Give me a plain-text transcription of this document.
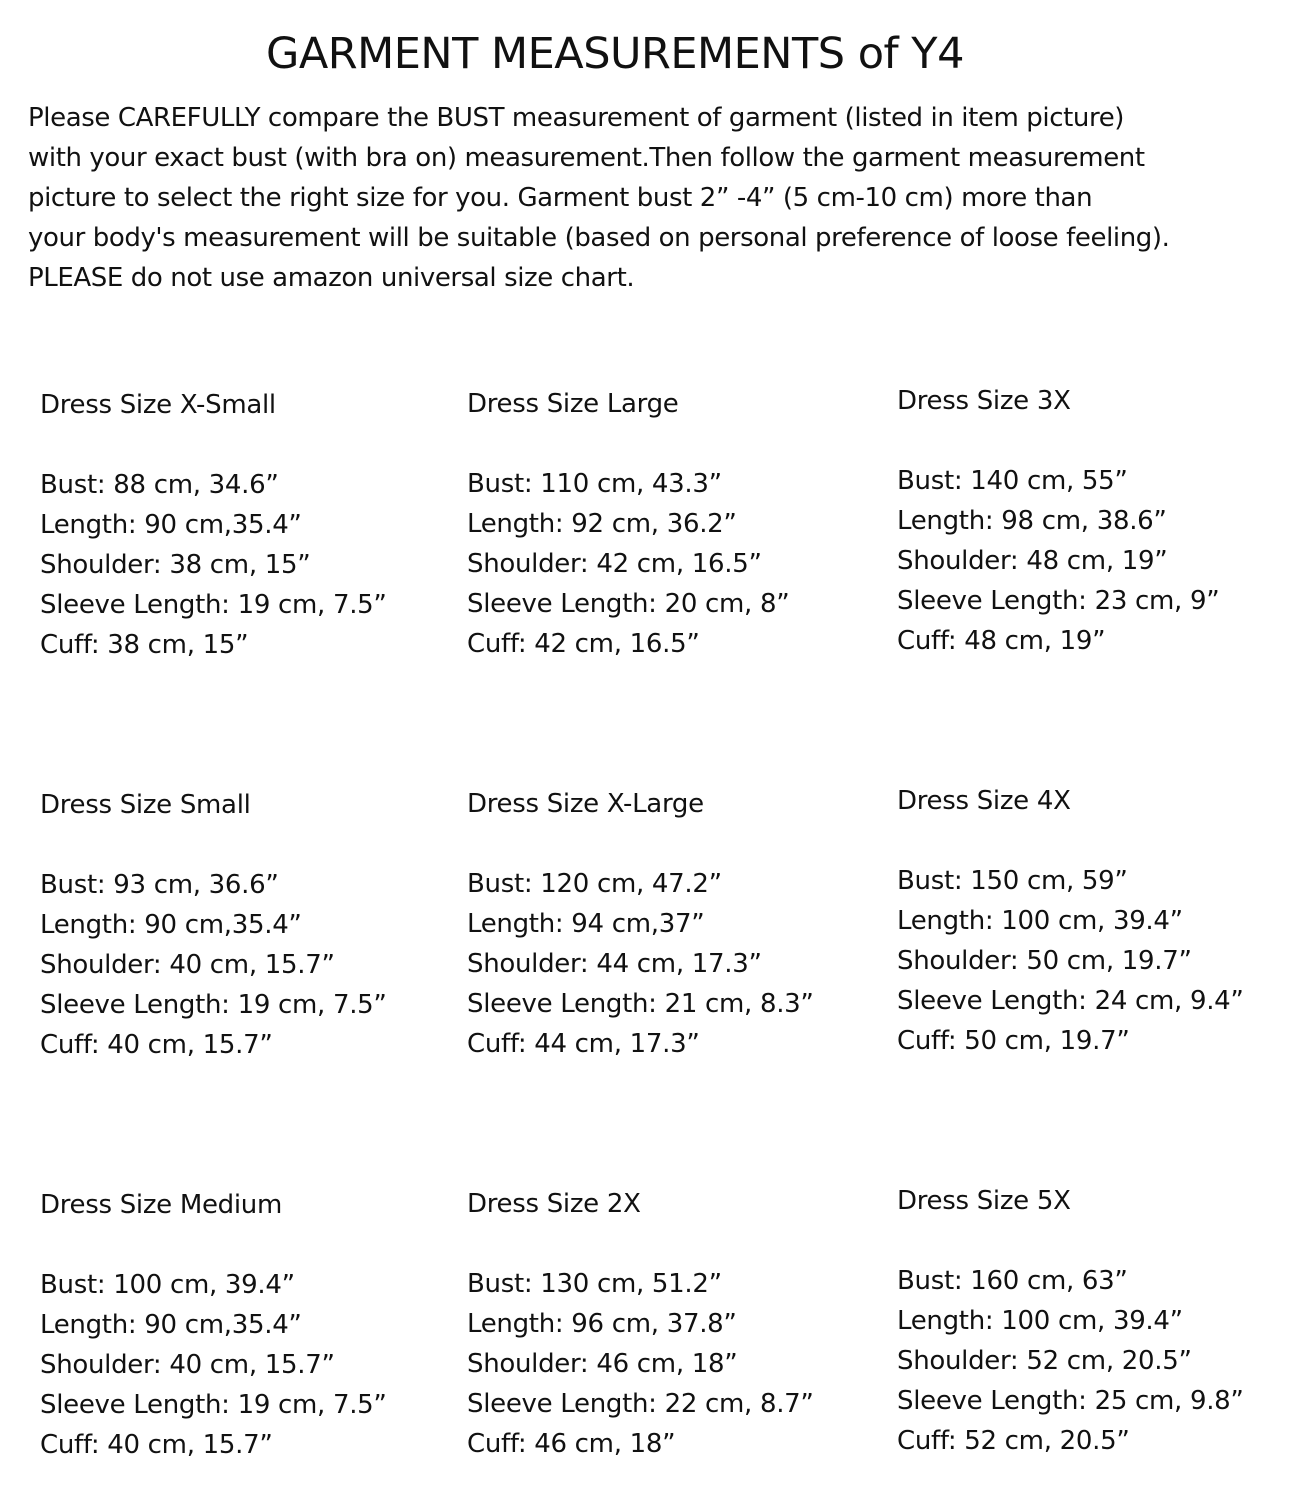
GARMENT MEASUREMENTS of Y4
Please CAREFULLY compare the BUST measurement of garment (listed in item picture)
with your exact bust (with bra on) measurement.Then follow the garment measurement
picture to select the right size for you. Garment bust 2” -4” (5 cm-10 cm) more than
your body's measurement will be suitable (based on personal preference of loose feeling).
PLEASE do not use amazon universal size chart.
Dress Size X-Small
Bust: 88 cm, 34.6”
Length: 90 cm,35.4”
Shoulder: 38 cm, 15”
Sleeve Length: 19 cm, 7.5”
Cuff: 38 cm, 15”
Dress Size Large
Bust: 110 cm, 43.3”
Length: 92 cm, 36.2”
Shoulder: 42 cm, 16.5”
Sleeve Length: 20 cm, 8”
Cuff: 42 cm, 16.5”
Dress Size 3X
Bust: 140 cm, 55”
Length: 98 cm, 38.6”
Shoulder: 48 cm, 19”
Sleeve Length: 23 cm, 9”
Cuff: 48 cm, 19”
Dress Size Small
Bust: 93 cm, 36.6”
Length: 90 cm,35.4”
Shoulder: 40 cm, 15.7”
Sleeve Length: 19 cm, 7.5”
Cuff: 40 cm, 15.7”
Dress Size X-Large
Bust: 120 cm, 47.2”
Length: 94 cm,37”
Shoulder: 44 cm, 17.3”
Sleeve Length: 21 cm, 8.3”
Cuff: 44 cm, 17.3”
Dress Size 4X
Bust: 150 cm, 59”
Length: 100 cm, 39.4”
Shoulder: 50 cm, 19.7”
Sleeve Length: 24 cm, 9.4”
Cuff: 50 cm, 19.7”
Dress Size Medium
Bust: 100 cm, 39.4”
Length: 90 cm,35.4”
Shoulder: 40 cm, 15.7”
Sleeve Length: 19 cm, 7.5”
Cuff: 40 cm, 15.7”
Dress Size 2X
Bust: 130 cm, 51.2”
Length: 96 cm, 37.8”
Shoulder: 46 cm, 18”
Sleeve Length: 22 cm, 8.7”
Cuff: 46 cm, 18”
Dress Size 5X
Bust: 160 cm, 63”
Length: 100 cm, 39.4”
Shoulder: 52 cm, 20.5”
Sleeve Length: 25 cm, 9.8”
Cuff: 52 cm, 20.5”
